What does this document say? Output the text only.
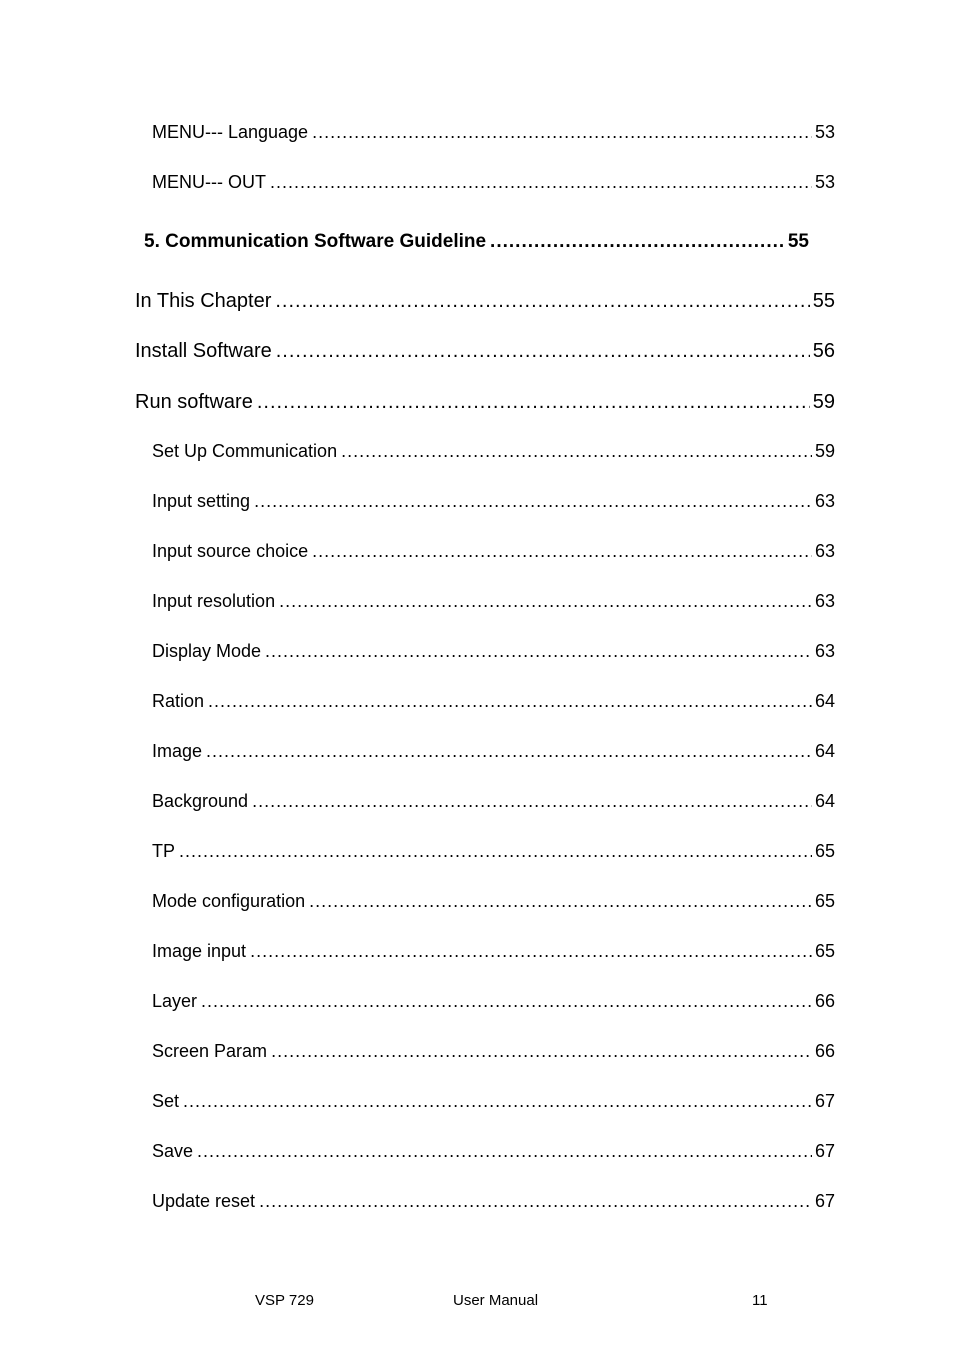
MENU--- Language .....	53
MENU--- OUT .....	53
5. Communication Software Guideline .....	55
In This Chapter .....	55
Install Software .....	56
Run software .....	59
Set Up Communication .....	59
Input setting .....	63
Input source choice .....	63
Input resolution .....	63
Display Mode .....	63
Ration .....	64
Image .....	64
Background .....	64
TP .....	65
Mode configuration .....	65
Image input .....	65
Layer .....	66
Screen Param .....	66
Set .....	67
Save .....	67
Update reset .....	67
VSP 729	User Manual	11
